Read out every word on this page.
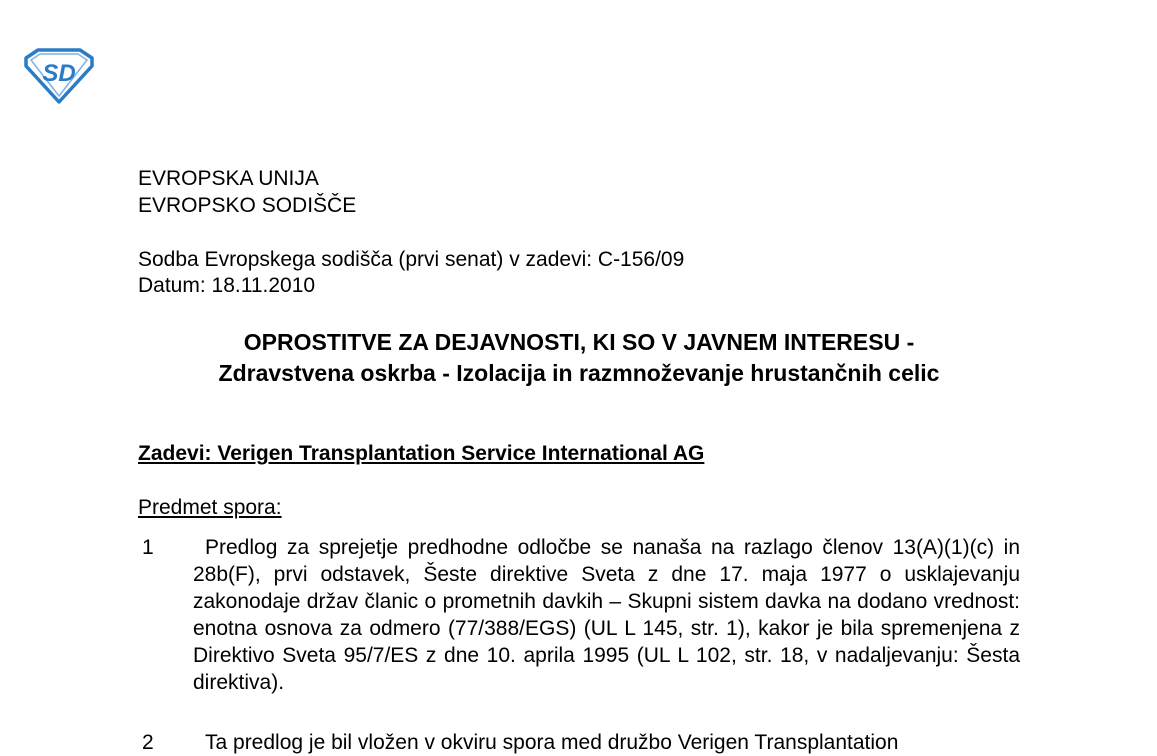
SD
EVROPSKA UNIJA
EVROPSKO SODIŠČE
Sodba Evropskega sodišča (prvi senat) v zadevi: C-156/09
Datum: 18.11.2010
OPROSTITVE ZA DEJAVNOSTI, KI SO V JAVNEM INTERESU -
Zdravstvena oskrba - Izolacija in razmnoževanje hrustančnih celic
Zadevi: Verigen Transplantation Service International AG
Predmet spora:
1	Predlog za sprejetje predhodne odločbe se nanaša na razlago členov 13(A)(1)(c) in 28b(F), prvi odstavek, Šeste direktive Sveta z dne 17. maja 1977 o usklajevanju zakonodaje držav članic o prometnih davkih – Skupni sistem davka na dodano vrednost: enotna osnova za odmero (77/388/EGS) (UL L 145, str. 1), kakor je bila spremenjena z Direktivo Sveta 95/7/ES z dne 10. aprila 1995 (UL L 102, str. 18, v nadaljevanju: Šesta direktiva).
2	Ta predlog je bil vložen v okviru spora med družbo Verigen Transplantation
